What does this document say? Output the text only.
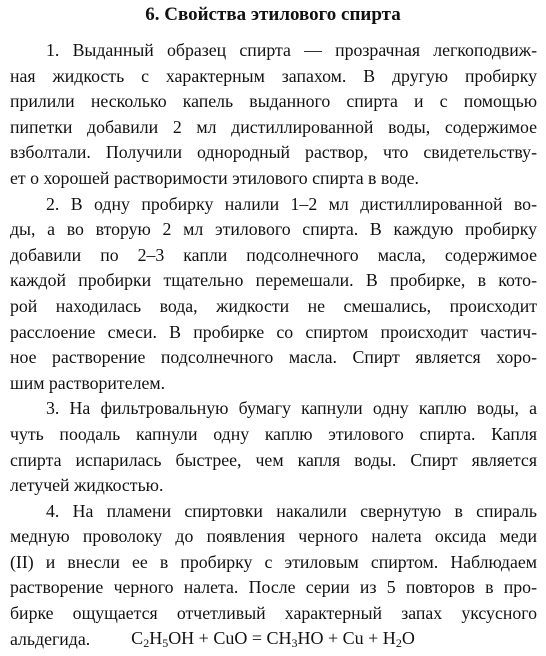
6. Свойства этилового спирта

1. Выданный образец спирта — прозрачная легкоподвиж-
ная жидкость с характерным запахом. В другую пробирку
прилили несколько капель выданного спирта и с помощью
пипетки добавили 2 мл дистиллированной воды, содержимое
взболтали. Получили однородный раствор, что свидетельству-
ет о хорошей растворимости этилового спирта в воде.

2. В одну пробирку налили 1–2 мл дистиллированной во-
ды, а во вторую 2 мл этилового спирта. В каждую пробирку
добавили по 2–3 капли подсолнечного масла, содержимое
каждой пробирки тщательно перемешали. В пробирке, в кото-
рой находилась вода, жидкости не смешались, происходит
расслоение смеси. В пробирке со спиртом происходит частич-
ное растворение подсолнечного масла. Спирт является хоро-
шим растворителем.

3. На фильтровальную бумагу капнули одну каплю воды, а
чуть поодаль капнули одну каплю этилового спирта. Капля
спирта испарилась быстрее, чем капля воды. Спирт является
летучей жидкостью.

4. На пламени спиртовки накалили свернутую в спираль
медную проволоку до появления черного налета оксида меди
(II) и внесли ее в пробирку с этиловым спиртом. Наблюдаем
растворение черного налета. После серии из 5 повторов в про-
бирке ощущается отчетливый характерный запах уксусного
альдегида.	$C_2H_5OH$ + CuO = $CH_3HO + Cu + H_2O$
